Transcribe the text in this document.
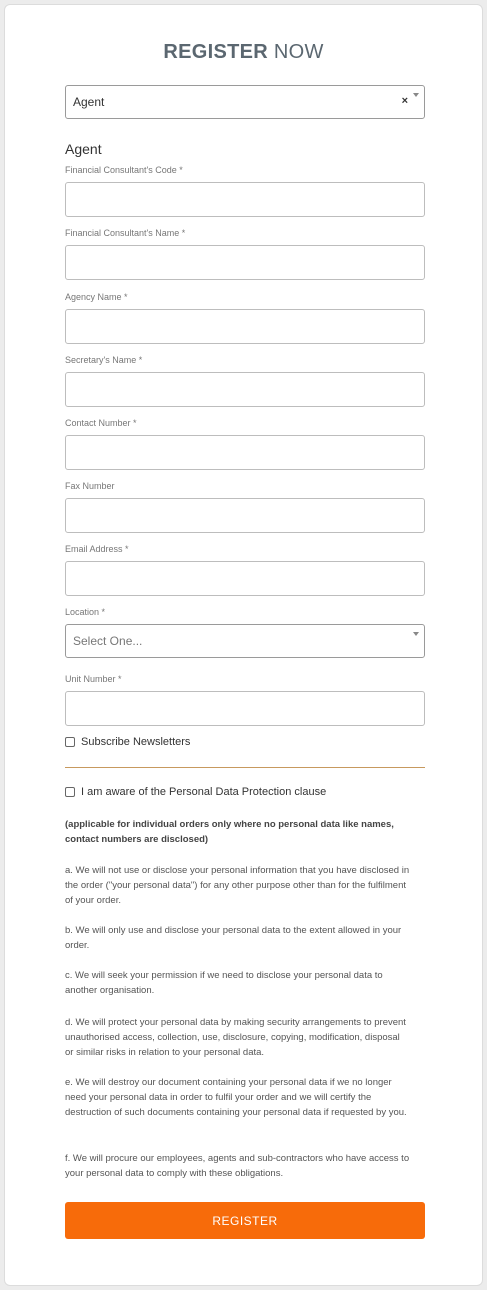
REGISTER NOW
Agent	×
Agent
Financial Consultant's Code *
Financial Consultant's Name *
Agency Name *
Secretary's Name *
Contact Number *
Fax Number
Email Address *
Location *
Select One...
Unit Number *
Subscribe Newsletters
I am aware of the Personal Data Protection clause
(applicable for individual orders only where no personal data like names, contact numbers are disclosed)
a. We will not use or disclose your personal information that you have disclosed in the order ("your personal data") for any other purpose other than for the fulfilment of your order.
b. We will only use and disclose your personal data to the extent allowed in your order.
c. We will seek your permission if we need to disclose your personal data to another organisation.
d. We will protect your personal data by making security arrangements to prevent unauthorised access, collection, use, disclosure, copying, modification, disposal or similar risks in relation to your personal data.
e. We will destroy our document containing your personal data if we no longer need your personal data in order to fulfil your order and we will certify the destruction of such documents containing your personal data if requested by you.
f. We will procure our employees, agents and sub-contractors who have access to your personal data to comply with these obligations.
REGISTER
